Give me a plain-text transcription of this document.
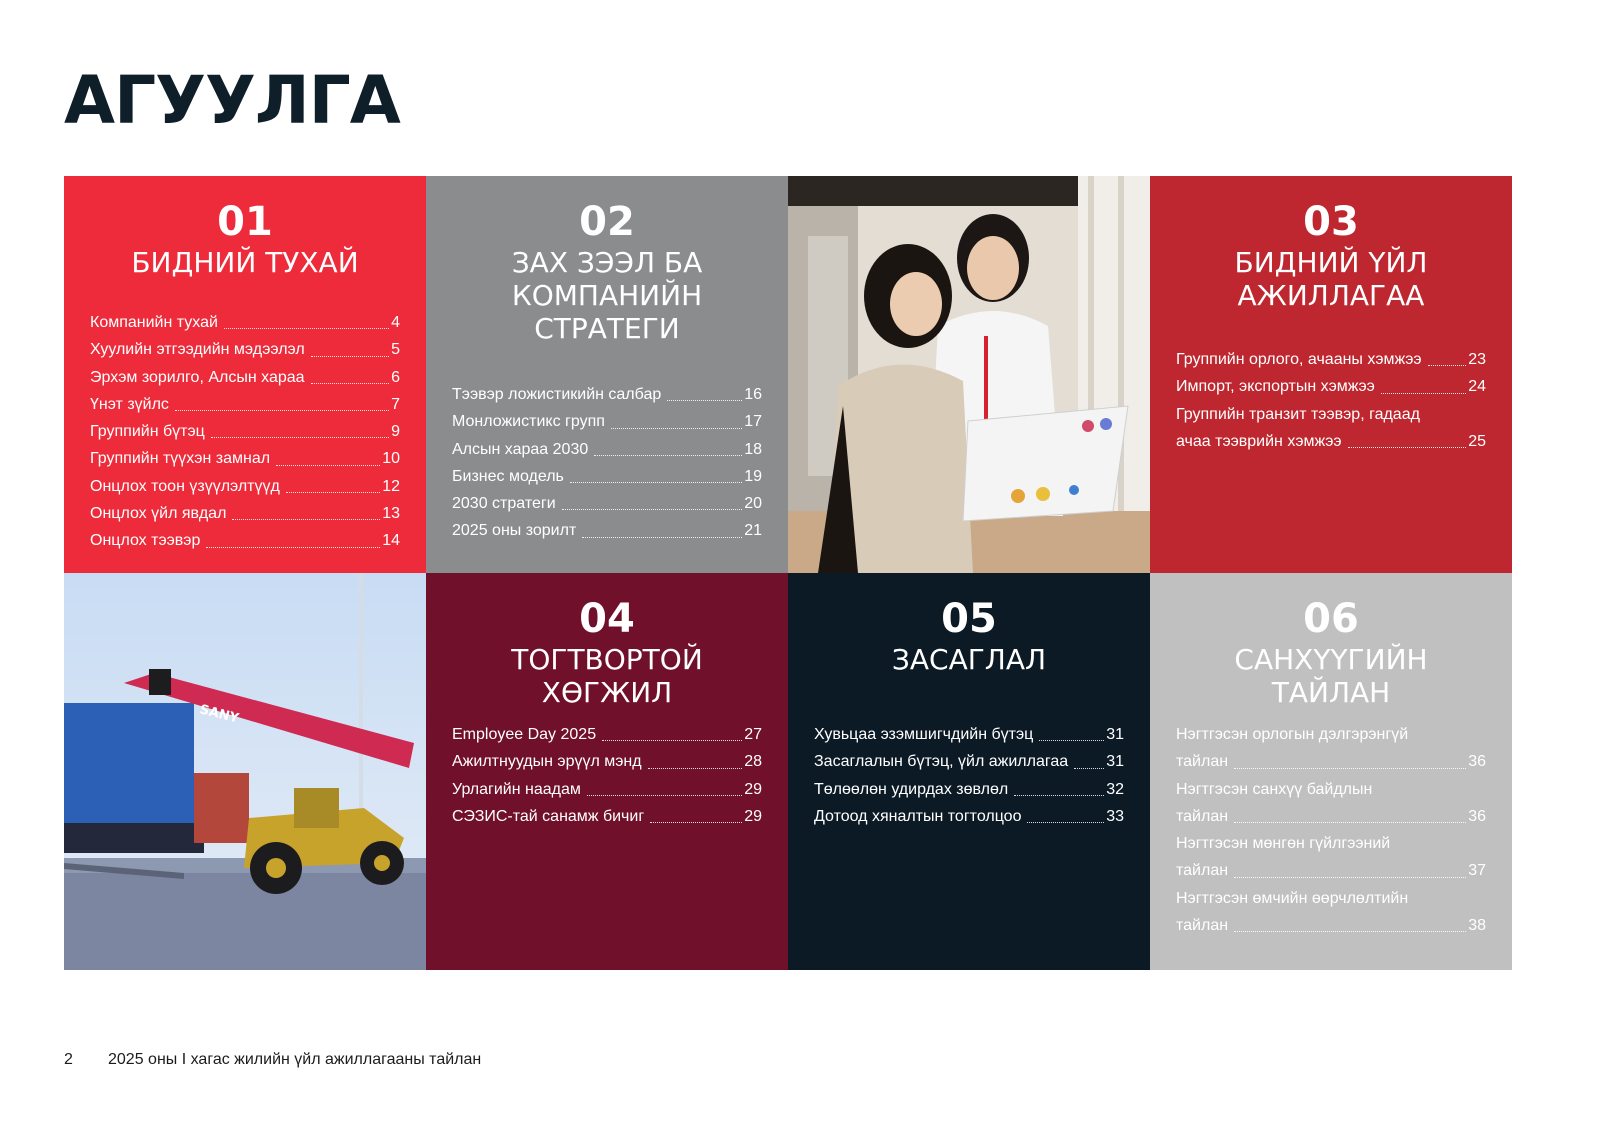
АГУУЛГА
01
БИДНИЙ ТУХАЙ
Компанийн тухай	4
Хуулийн этгээдийн мэдээлэл	5
Эрхэм зорилго, Алсын харaa	6
Үнэт зүйлс	7
Группийн бүтэц	9
Группийн түүхэн замнал	10
Онцлох тоон үзүүлэлтүүд	12
Онцлох үйл явдал	13
Онцлох тээвэр	14
02
ЗАХ ЗЭЭЛ БА
КОМПАНИЙН
СТРАТЕГИ
Тээвэр ложистикийн салбар	16
Монложистикс групп	17
Алсын харaa 2030	18
Бизнес модель	19
2030 стратеги	20
2025 оны зорилт	21
03
БИДНИЙ ҮЙЛ
АЖИЛЛАГАА
Группийн орлого, ачааны хэмжээ	23
Импорт, экспортын хэмжээ	24
Группийн транзит тээвэр, гадаад
ачаа тээврийн хэмжээ	25
SANY
04
ТОГТВОРТОЙ
ХӨГЖИЛ
Employee Day 2025	27
Ажилтнуудын эрүүл мэнд	28
Урлагийн наадам	29
СЭЗИС-тай санамж бичиг	29
05
ЗАСАГЛАЛ
Хувьцаа эзэмшигчдийн бүтэц	31
Засаглалын бүтэц, үйл ажиллагаа 31
Төлөөлөн удирдах зөвлөл	32
Дотоод хяналтын тогтолцоо	33
06
САНХҮҮГИЙН
ТАЙЛАН
Нэгтгэсэн орлогын дэлгэрэнгүй
тайлан	36
Нэгтгэсэн санхүү байдлын
тайлан	36
Нэгтгэсэн мөнгөн гүйлгээний
тайлан	37
Нэгтгэсэн өмчийн өөрчлөлтийн
тайлан	38
2 2025 оны I хагас жилийн үйл ажиллагааны тайлан
